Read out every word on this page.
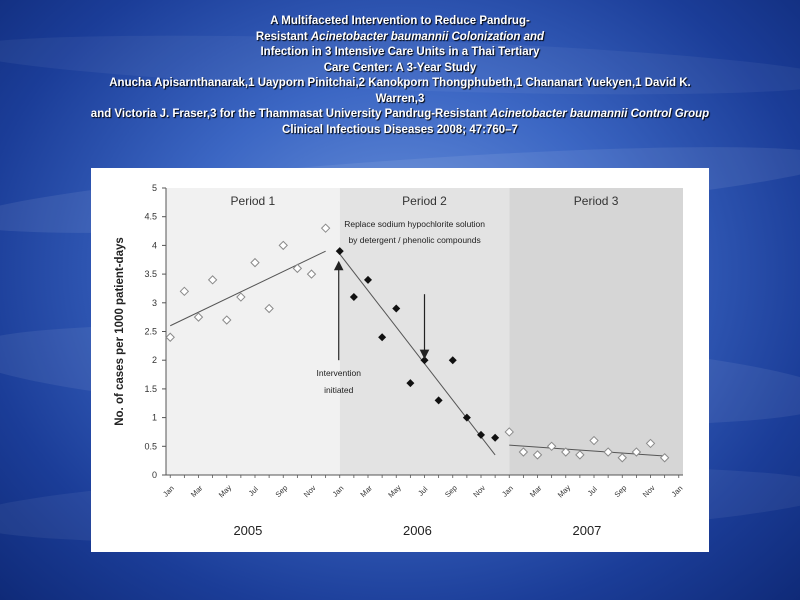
A Multifaceted Intervention to Reduce Pandrug-
Resistant Acinetobacter baumannii Colonization and
Infection in 3 Intensive Care Units in a Thai Tertiary
Care Center: A 3-Year Study
Anucha Apisarnthanarak,1 Uayporn Pinitchai,2 Kanokporn Thongphubeth,1 Chananart Yuekyen,1 David K.
Warren,3
and Victoria J. Fraser,3 for the Thammasat University Pandrug-Resistant Acinetobacter baumannii Control Group
Clinical Infectious Diseases 2008; 47:760–7
Period 1	Period 2	Period 3
0
0.5
1
1.5
2
2.5
3
3.5
4
4.5
5
Jan Mar May Jul Sep Nov Jan Mar May Jul Sep Nov Jan Mar May Jul Sep Nov Jan
2005	2006	2007
No. of cases per 1000 patient-days	Intervention
initiated
Replace sodium hypochlorite solution
by detergent / phenolic compounds
